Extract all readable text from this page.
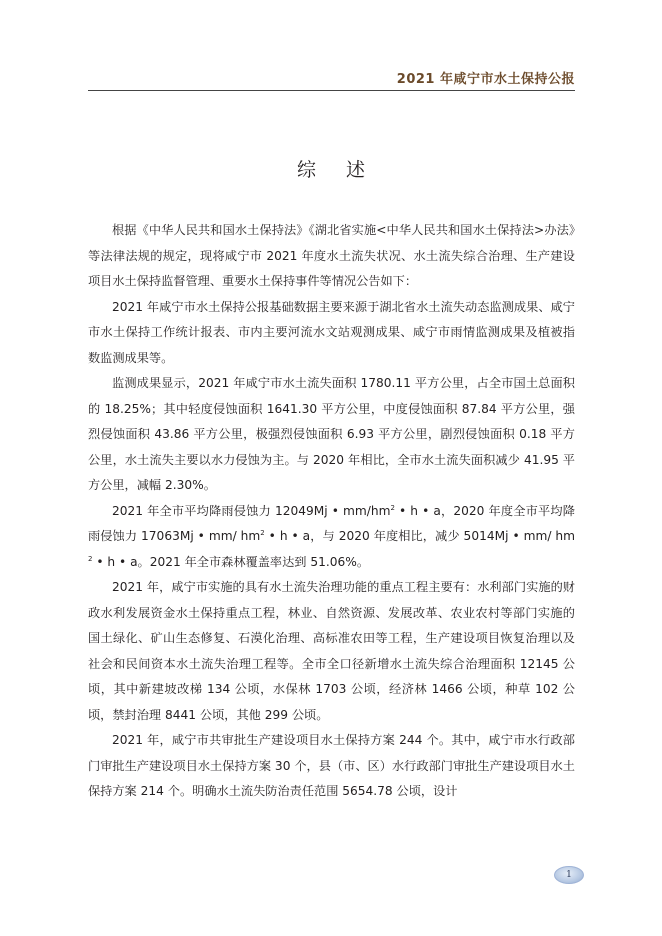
2021 年咸宁市水土保持公报
综述

根据《中华人民共和国水土保持法》《湖北省实施<中华人民共和国水土保持法>办法》等法律法规的规定，现将咸宁市 2021 年度水土流失状况、水土流失综合治理、生产建设项目水土保持监督管理、重要水土保持事件等情况公告如下：

2021 年咸宁市水土保持公报基础数据主要来源于湖北省水土流失动态监测成果、咸宁市水土保持工作统计报表、市内主要河流水文站观测成果、咸宁市雨情监测成果及植被指数监测成果等。

监测成果显示，2021 年咸宁市水土流失面积 1780.11 平方公里，占全市国土总面积的 18.25%；其中轻度侵蚀面积 1641.30 平方公里，中度侵蚀面积 87.84 平方公里，强烈侵蚀面积 43.86 平方公里，极强烈侵蚀面积 6.93 平方公里，剧烈侵蚀面积 0.18 平方公里，水土流失主要以水力侵蚀为主。与 2020 年相比，全市水土流失面积减少 41.95 平方公里，减幅 2.30%。

2021 年全市平均降雨侵蚀力 12049Mj • $mm/hm^2$ • h • a，2020 年度全市平均降雨侵蚀力 17063Mj • mm/ $hm^2$ • h • a，与 2020 年度相比，减少 5014Mj • mm/ $hm^2$ • h • a。2021 年全市森林覆盖率达到 51.06%。

2021 年，咸宁市实施的具有水土流失治理功能的重点工程主要有：水利部门实施的财政水利发展资金水土保持重点工程，林业、自然资源、发展改革、农业农村等部门实施的国土绿化、矿山生态修复、石漠化治理、高标准农田等工程，生产建设项目恢复治理以及社会和民间资本水土流失治理工程等。全市全口径新增水土流失综合治理面积 12145 公顷，其中新建坡改梯 134 公顷，水保林 1703 公顷，经济林 1466 公顷，种草 102 公顷，禁封治理 8441 公顷，其他 299 公顷。

2021 年，咸宁市共审批生产建设项目水土保持方案 244 个。其中，咸宁市水行政部门审批生产建设项目水土保持方案 30 个，县（市、区）水行政部门审批生产建设项目水土保持方案 214 个。明确水土流失防治责任范围 5654.78 公顷，设计

1
